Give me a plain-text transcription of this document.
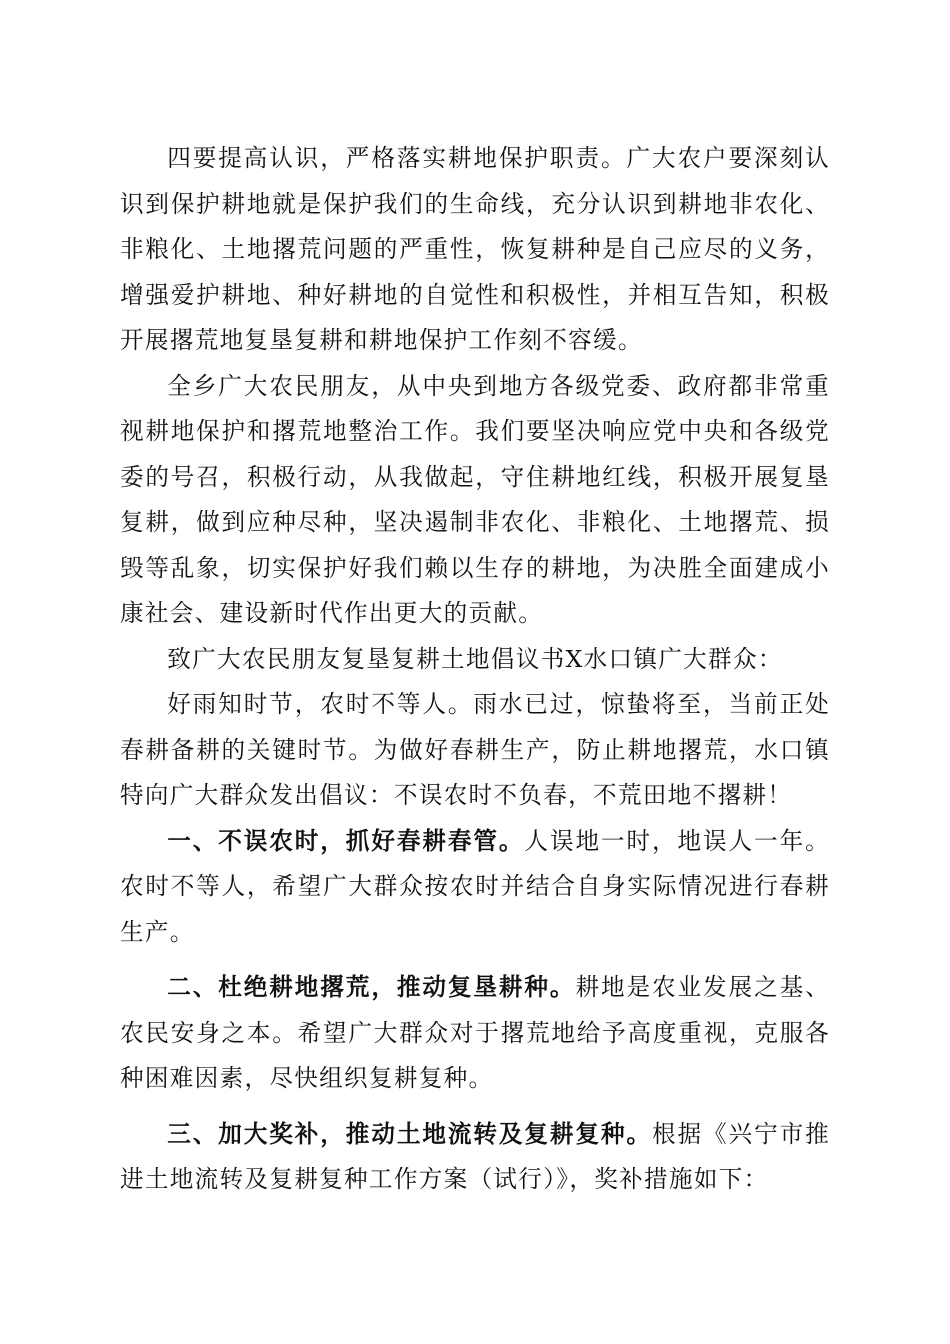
四要提高认识，严格落实耕地保护职责。广大农户要深刻认识到保护耕地就是保护我们的生命线，充分认识到耕地非农化、非粮化、土地撂荒问题的严重性，恢复耕种是自己应尽的义务，增强爱护耕地、种好耕地的自觉性和积极性，并相互告知，积极开展撂荒地复垦复耕和耕地保护工作刻不容缓。

全乡广大农民朋友，从中央到地方各级党委、政府都非常重视耕地保护和撂荒地整治工作。我们要坚决响应党中央和各级党委的号召，积极行动，从我做起，守住耕地红线，积极开展复垦复耕，做到应种尽种，坚决遏制非农化、非粮化、土地撂荒、损毁等乱象，切实保护好我们赖以生存的耕地，为决胜全面建成小康社会、建设新时代作出更大的贡献。

致广大农民朋友复垦复耕土地倡议书X水口镇广大群众：

好雨知时节，农时不等人。雨水已过，惊蛰将至，当前正处春耕备耕的关键时节。为做好春耕生产，防止耕地撂荒，水口镇特向广大群众发出倡议：不误农时不负春，不荒田地不撂耕！

一、不误农时，抓好春耕春管。人误地一时，地误人一年。农时不等人，希望广大群众按农时并结合自身实际情况进行春耕生产。

二、杜绝耕地撂荒，推动复垦耕种。耕地是农业发展之基、农民安身之本。希望广大群众对于撂荒地给予高度重视，克服各种困难因素，尽快组织复耕复种。

三、加大奖补，推动土地流转及复耕复种。根据《兴宁市推进土地流转及复耕复种工作方案（试行）》，奖补措施如下：
